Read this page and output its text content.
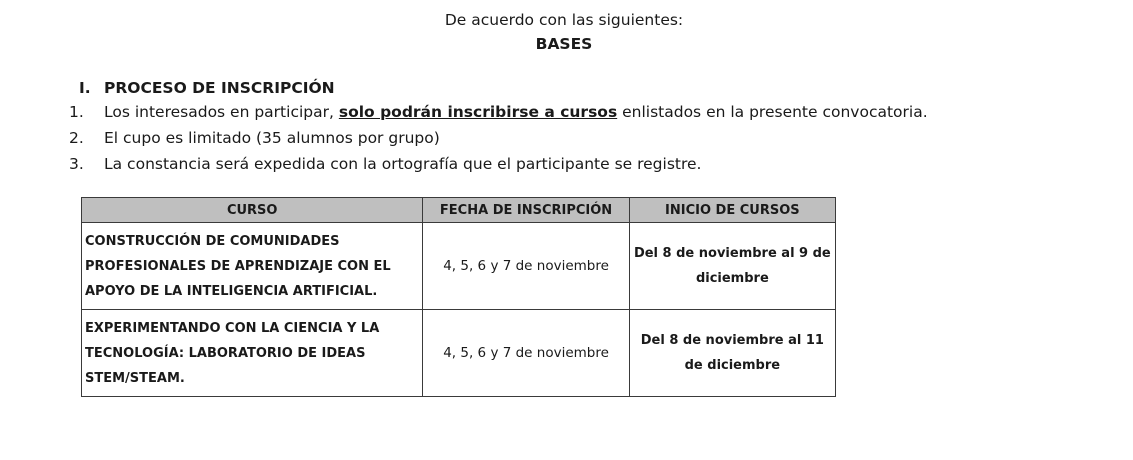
De acuerdo con las siguientes:
BASES
I. PROCESO DE INSCRIPCIÓN
1. Los interesados en participar, solo podrán inscribirse a cursos enlistados en la presente convocatoria.
2. El cupo es limitado (35 alumnos por grupo)
3. La constancia será expedida con la ortografía que el participante se registre.
CURSO	FECHA DE INSCRIPCIÓN	INICIO DE CURSOS
CONSTRUCCIÓN DE COMUNIDADES PROFESIONALES DE APRENDIZAJE CON EL APOYO DE LA INTELIGENCIA ARTIFICIAL.	4, 5, 6 y 7 de noviembre	Del 8 de noviembre al 9 de diciembre
EXPERIMENTANDO CON LA CIENCIA Y LA TECNOLOGÍA: LABORATORIO DE IDEAS STEM/STEAM.	4, 5, 6 y 7 de noviembre	Del 8 de noviembre al 11 de diciembre
